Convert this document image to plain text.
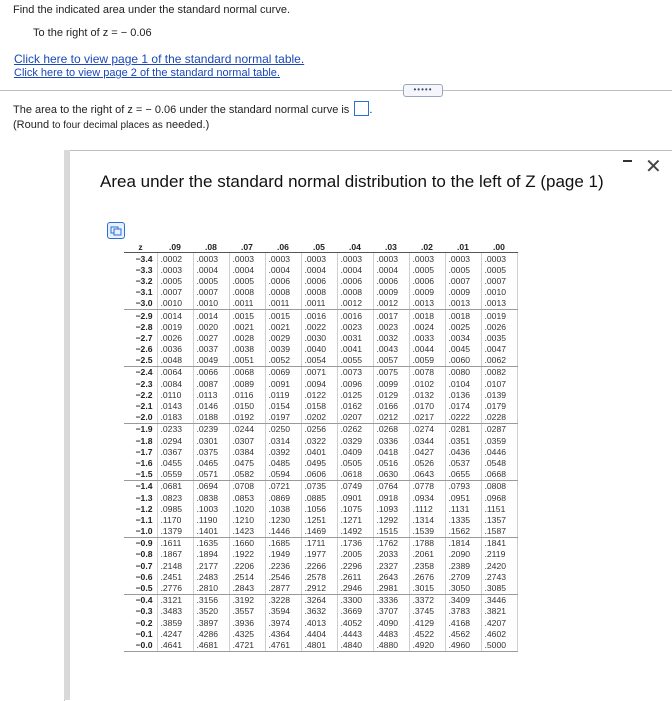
Find the indicated area under the standard normal curve.
To the right of z = − 0.06
Click here to view page 1 of the standard normal table.
Click here to view page 2 of the standard normal table.
•••••
The area to the right of z = − 0.06 under the standard normal curve is .
(Round to four decimal places as needed.)
✕
Area under the standard normal distribution to the left of Z (page 1)
z	.09	.08	.07	.06	.05	.04	.03	.02	.01	.00
−3.4	.0002	.0003	.0003	.0003	.0003	.0003	.0003	.0003	.0003	.0003
−3.3	.0003	.0004	.0004	.0004	.0004	.0004	.0004	.0005	.0005	.0005
−3.2	.0005	.0005	.0005	.0006	.0006	.0006	.0006	.0006	.0007	.0007
−3.1	.0007	.0007	.0008	.0008	.0008	.0008	.0009	.0009	.0009	.0010
−3.0	.0010	.0010	.0011	.0011	.0011	.0012	.0012	.0013	.0013	.0013
−2.9	.0014	.0014	.0015	.0015	.0016	.0016	.0017	.0018	.0018	.0019
−2.8	.0019	.0020	.0021	.0021	.0022	.0023	.0023	.0024	.0025	.0026
−2.7	.0026	.0027	.0028	.0029	.0030	.0031	.0032	.0033	.0034	.0035
−2.6	.0036	.0037	.0038	.0039	.0040	.0041	.0043	.0044	.0045	.0047
−2.5	.0048	.0049	.0051	.0052	.0054	.0055	.0057	.0059	.0060	.0062
−2.4	.0064	.0066	.0068	.0069	.0071	.0073	.0075	.0078	.0080	.0082
−2.3	.0084	.0087	.0089	.0091	.0094	.0096	.0099	.0102	.0104	.0107
−2.2	.0110	.0113	.0116	.0119	.0122	.0125	.0129	.0132	.0136	.0139
−2.1	.0143	.0146	.0150	.0154	.0158	.0162	.0166	.0170	.0174	.0179
−2.0	.0183	.0188	.0192	.0197	.0202	.0207	.0212	.0217	.0222	.0228
−1.9	.0233	.0239	.0244	.0250	.0256	.0262	.0268	.0274	.0281	.0287
−1.8	.0294	.0301	.0307	.0314	.0322	.0329	.0336	.0344	.0351	.0359
−1.7	.0367	.0375	.0384	.0392	.0401	.0409	.0418	.0427	.0436	.0446
−1.6	.0455	.0465	.0475	.0485	.0495	.0505	.0516	.0526	.0537	.0548
−1.5	.0559	.0571	.0582	.0594	.0606	.0618	.0630	.0643	.0655	.0668
−1.4	.0681	.0694	.0708	.0721	.0735	.0749	.0764	.0778	.0793	.0808
−1.3	.0823	.0838	.0853	.0869	.0885	.0901	.0918	.0934	.0951	.0968
−1.2	.0985	.1003	.1020	.1038	.1056	.1075	.1093	.1112	.1131	.1151
−1.1	.1170	.1190	.1210	.1230	.1251	.1271	.1292	.1314	.1335	.1357
−1.0	.1379	.1401	.1423	.1446	.1469	.1492	.1515	.1539	.1562	.1587
−0.9	.1611	.1635	.1660	.1685	.1711	.1736	.1762	.1788	.1814	.1841
−0.8	.1867	.1894	.1922	.1949	.1977	.2005	.2033	.2061	.2090	.2119
−0.7	.2148	.2177	.2206	.2236	.2266	.2296	.2327	.2358	.2389	.2420
−0.6	.2451	.2483	.2514	.2546	.2578	.2611	.2643	.2676	.2709	.2743
−0.5	.2776	.2810	.2843	.2877	.2912	.2946	.2981	.3015	.3050	.3085
−0.4	.3121	.3156	.3192	.3228	.3264	.3300	.3336	.3372	.3409	.3446
−0.3	.3483	.3520	.3557	.3594	.3632	.3669	.3707	.3745	.3783	.3821
−0.2	.3859	.3897	.3936	.3974	.4013	.4052	.4090	.4129	.4168	.4207
−0.1	.4247	.4286	.4325	.4364	.4404	.4443	.4483	.4522	.4562	.4602
−0.0	.4641	.4681	.4721	.4761	.4801	.4840	.4880	.4920	.4960	.5000
